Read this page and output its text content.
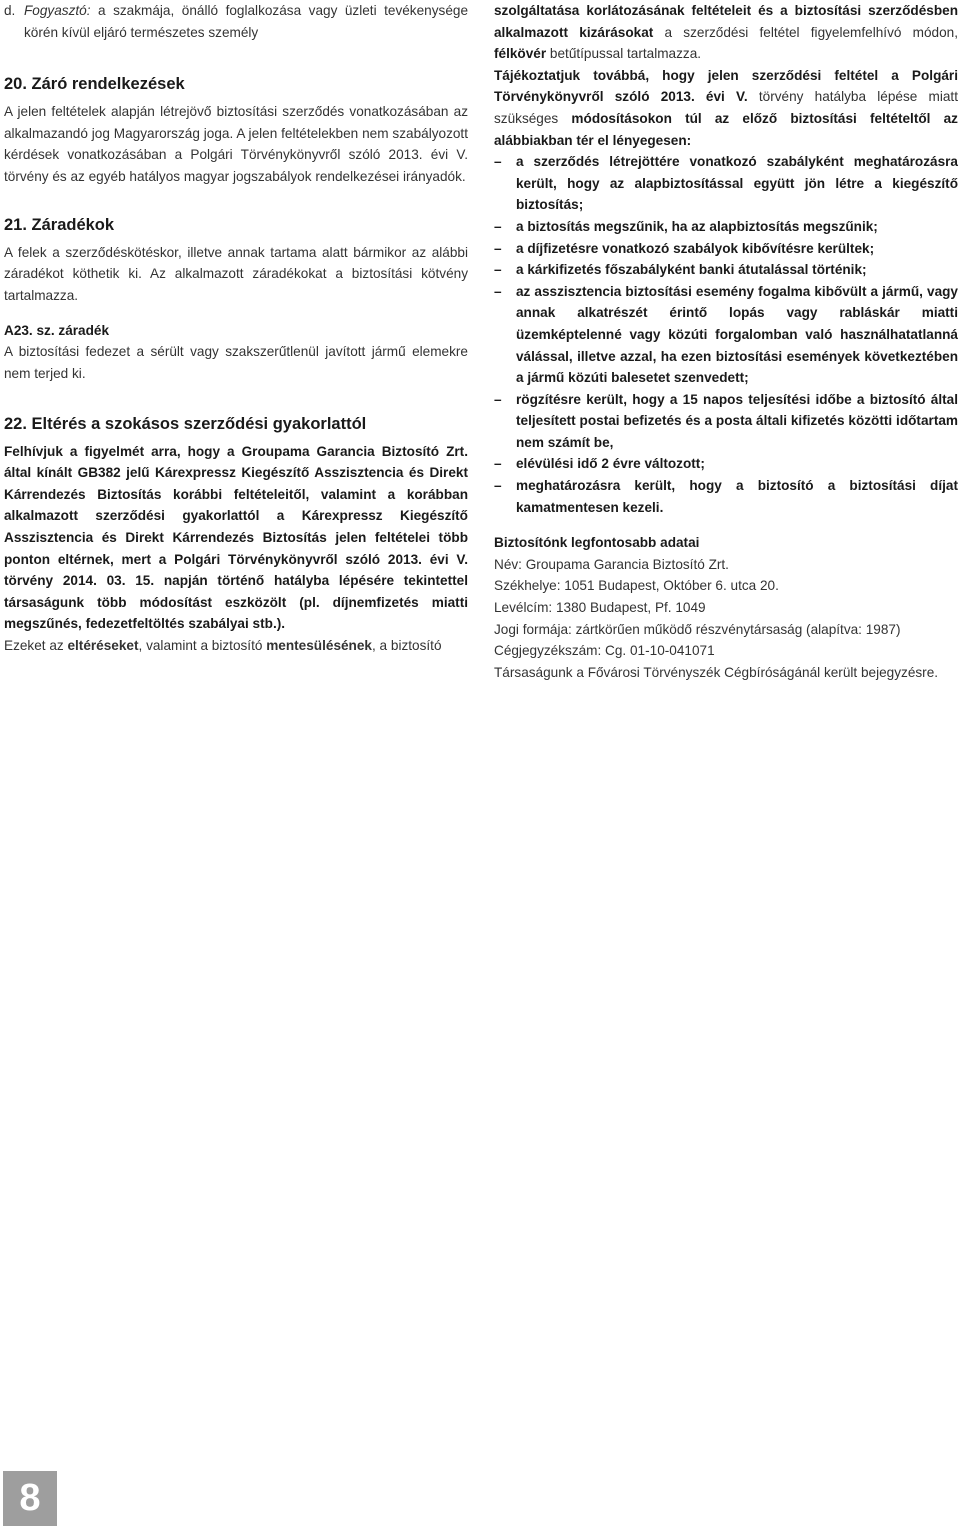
d. Fogyasztó: a szakmája, önálló foglalkozása vagy üzleti tevékenysége körén kívül eljáró természetes személy
20. Záró rendelkezések

A jelen feltételek alapján létrejövő biztosítási szerződés vonatkozásában az alkalmazandó jog Magyarország joga. A jelen feltételekben nem szabályozott kérdések vonatkozásában a Polgári Törvénykönyvről szóló 2013. évi V. törvény és az egyéb hatályos magyar jogszabályok rendelkezései irányadók.

21. Záradékok

A felek a szerződéskötéskor, illetve annak tartama alatt bármikor az alábbi záradékot köthetik ki. Az alkalmazott záradékokat a biztosítási kötvény tartalmazza.

A23. sz. záradék

A biztosítási fedezet a sérült vagy szakszerűtlenül javított jármű elemekre nem terjed ki.

22. Eltérés a szokásos szerződési gyakorlattól

Felhívjuk a figyelmét arra, hogy a Groupama Garancia Biztosító Zrt. által kínált GB382 jelű Kárexpressz Kiegészítő Asszisztencia és Direkt Kárrendezés Biztosítás korábbi feltételeitől, valamint a korábban alkalmazott szerződési gyakorlattól a Kárexpressz Kiegészítő Asszisztencia és Direkt Kárrendezés Biztosítás jelen feltételei több ponton eltérnek, mert a Polgári Törvénykönyvről szóló 2013. évi V. törvény 2014. 03. 15. napján történő hatályba lépésére tekintettel társaságunk több módosítást eszközölt (pl. díjnemfizetés miatti megszűnés, fedezetfeltöltés szabályai stb.).

Ezeket az eltéréseket, valamint a biztosító mentesülésének, a biztosító

szolgáltatása korlátozásának feltételeit és a biztosítási szerződésben alkalmazott kizárásokat a szerződési feltétel figyelemfelhívó módon, félkövér betűtípussal tartalmazza.

Tájékoztatjuk továbbá, hogy jelen szerződési feltétel a Polgári Törvénykönyvről szóló 2013. évi V. törvény hatályba lépése miatt szükséges módosításokon túl az előző biztosítási feltételtől az alábbiakban tér el lényegesen:

–	a szerződés létrejöttére vonatkozó szabályként meghatározásra került, hogy az alapbiztosítással együtt jön létre a kiegészítő biztosítás;
–	a biztosítás megszűnik, ha az alapbiztosítás megszűnik;
–	a díjfizetésre vonatkozó szabályok kibővítésre kerültek;
–	a kárkifizetés főszabályként banki átutalással történik;
–	az asszisztencia biztosítási esemény fogalma kibővült a jármű, vagy annak alkatrészét érintő lopás vagy rabláskár miatti üzemképtelenné vagy közúti forgalomban való használhatatlanná válással, illetve azzal, ha ezen biztosítási események következtében a jármű közúti balesetet szenvedett;
–	rögzítésre került, hogy a 15 napos teljesítési időbe a biztosító által teljesített postai befizetés és a posta általi kifizetés közötti időtartam nem számít be,
–	elévülési idő 2 évre változott;
–	meghatározásra került, hogy a biztosító a biztosítási díjat kamatmentesen kezeli.

Biztosítónk legfontosabb adatai

Név: Groupama Garancia Biztosító Zrt.

Székhelye: 1051 Budapest, Október 6. utca 20.

Levélcím: 1380 Budapest, Pf. 1049

Jogi formája: zártkörűen működő részvénytársaság (alapítva: 1987)

Cégjegyzékszám: Cg. 01-10-041071

Társaságunk a Fővárosi Törvényszék Cégbíróságánál került bejegyzésre.

8
